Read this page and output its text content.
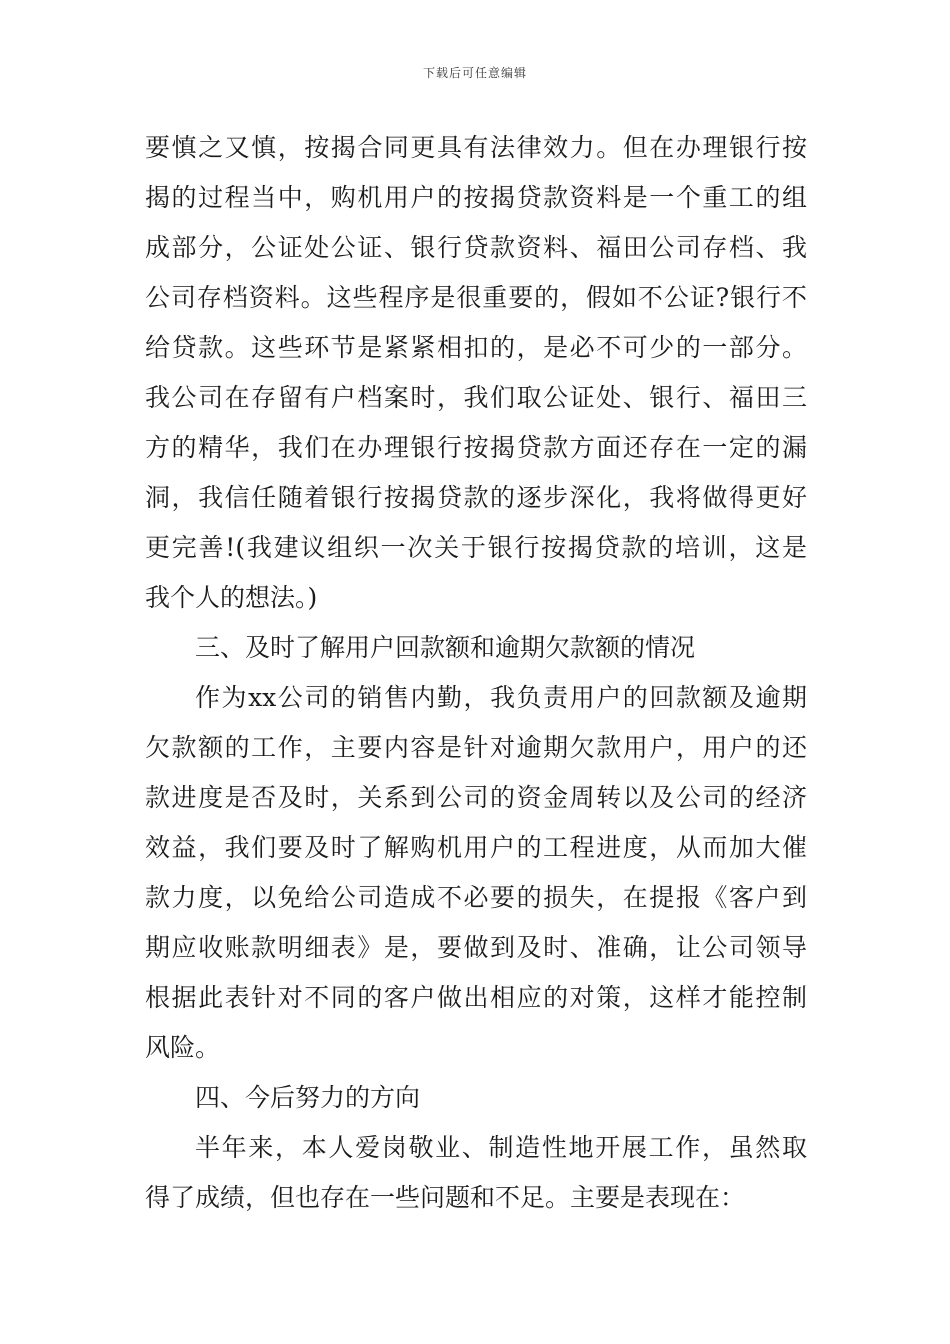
下载后可任意编辑
要慎之又慎，按揭合同更具有法律效力。但在办理银行按
揭的过程当中，购机用户的按揭贷款资料是一个重工的组
成部分，公证处公证、银行贷款资料、福田公司存档、我
公司存档资料。这些程序是很重要的，假如不公证?银行不
给贷款。这些环节是紧紧相扣的，是必不可少的一部分。
我公司在存留有户档案时，我们取公证处、银行、福田三
方的精华，我们在办理银行按揭贷款方面还存在一定的漏
洞，我信任随着银行按揭贷款的逐步深化，我将做得更好
更完善!(我建议组织一次关于银行按揭贷款的培训，这是
我个人的想法。)
三、及时了解用户回款额和逾期欠款额的情况
作为xx公司的销售内勤，我负责用户的回款额及逾期
欠款额的工作，主要内容是针对逾期欠款用户，用户的还
款进度是否及时，关系到公司的资金周转以及公司的经济
效益，我们要及时了解购机用户的工程进度，从而加大催
款力度，以免给公司造成不必要的损失，在提报《客户到
期应收账款明细表》是，要做到及时、准确，让公司领导
根据此表针对不同的客户做出相应的对策，这样才能控制
风险。
四、今后努力的方向
半年来，本人爱岗敬业、制造性地开展工作，虽然取
得了成绩，但也存在一些问题和不足。主要是表现在：
